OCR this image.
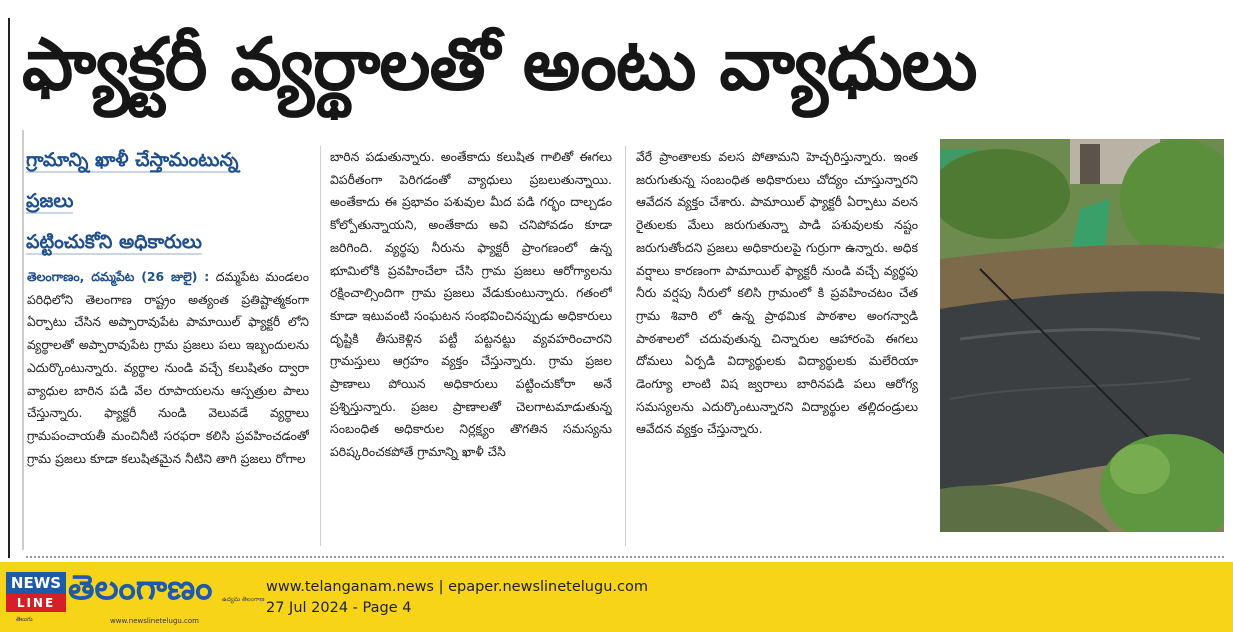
ఫ్యాక్టరీ వ్యర్థాలతో అంటు వ్యాధులు
గ్రామాన్ని ఖాళీ చేస్తామంటున్న
ప్రజలు
పట్టించుకోని అధికారులు
తెలంగాణం, దమ్మపేట (26 జులై) : దమ్మపేట మండలం పరిధిలోని తెలంగాణ రాష్ట్రం అత్యంత ప్రతిష్టాత్మకంగా ఏర్పాటు చేసిన అప్పారావుపేట పామాయిల్ ఫ్యాక్టరీ లోని వ్యర్థాలతో అప్పారావుపేట గ్రామ ప్రజలు పలు ఇబ్బందులను ఎదుర్కొంటున్నారు. వ్యర్థాల నుండి వచ్చే కలుషితం ద్వారా వ్యాధుల బారిన పడి వేల రూపాయలను ఆస్పత్రుల పాలు చేస్తున్నారు. ఫ్యాక్టరీ నుండి వెలువడే వ్యర్థాలు గ్రామపంచాయతీ మంచినీటి సరఫరా కలిసి ప్రవహించడంతో గ్రామ ప్రజలు కూడా కలుషితమైన నీటిని తాగి ప్రజలు రోగాల
బారిన పడుతున్నారు. అంతేకాదు కలుషిత గాలితో ఈగలు విపరీతంగా పెరిగడంతో వ్యాధులు ప్రబలుతున్నాయి. అంతేకాదు ఈ ప్రభావం పశువుల మీద పడి గర్భం దాల్చడం కోల్పోతున్నాయని, అంతేకాదు అవి చనిపోవడం కూడా జరిగింది. వ్యర్థపు నీరును ఫ్యాక్టరీ ప్రాంగణంలో ఉన్న భూమిలోకి ప్రవహించేలా చేసి గ్రామ ప్రజలు ఆరోగ్యాలను రక్షించాల్సిందిగా గ్రామ ప్రజలు వేడుకుంటున్నారు. గతంలో కూడా ఇటువంటి సంఘటన సంభవించినప్పుడు అధికారులు దృష్టికి తీసుకెళ్లిన పట్టీ పట్టనట్టు వ్యవహరించారని గ్రామస్తులు ఆగ్రహం వ్యక్తం చేస్తున్నారు. గ్రామ ప్రజల ప్రాణాలు పోయిన అధికారులు పట్టించుకోరా అనే ప్రశ్నిస్తున్నారు. ప్రజల ప్రాణాలతో చెలగాటమాడుతున్న సంబంధిత అధికారుల నిర్లక్ష్యం తొగతిన సమస్యను పరిష్కరించకపోతే గ్రామాన్ని ఖాళీ చేసి
వేరే ప్రాంతాలకు వలస పోతామని హెచ్చరిస్తున్నారు. ఇంత జరుగుతున్న సంబంధిత అధికారులు చోద్యం చూస్తున్నారని ఆవేదన వ్యక్తం చేశారు. పామాయిల్ ఫ్యాక్టరీ ఏర్పాటు వలన రైతులకు మేలు జరుగుతున్నా పాడి పశువులకు నష్టం జరుగుతోందని ప్రజలు అధికారులపై గుర్రుగా ఉన్నారు. అధిక వర్షాలు కారణంగా పామాయిల్ ఫ్యాక్టరీ నుండి వచ్చే వ్యర్థపు నీరు వర్షపు నీరులో కలిసి గ్రామంలో కి ప్రవహించటం చేత గ్రామ శివారి లో ఉన్న ప్రాథమిక పాఠశాల అంగన్వాడి పాఠశాలలో చదువుతున్న చిన్నారుల ఆహారంపె ఈగలు దోమలు ఏర్పడి విద్యార్థులకు విద్యార్థులకు మలేరియా డెంగ్యూ లాంటి విష జ్వరాలు బారినపడి పలు ఆరోగ్య సమస్యలను ఎదుర్కొంటున్నారని విద్యార్థుల తల్లిదండ్రులు ఆవేదన వ్యక్తం చేస్తున్నారు.
NEWS
LINE
తెలుగు
తెలంగాణం ఉద్యమ తెలంగాణ
www.newslinetelugu.com
www.telanganam.news | epaper.newslinetelugu.com
27 Jul 2024 - Page 4
